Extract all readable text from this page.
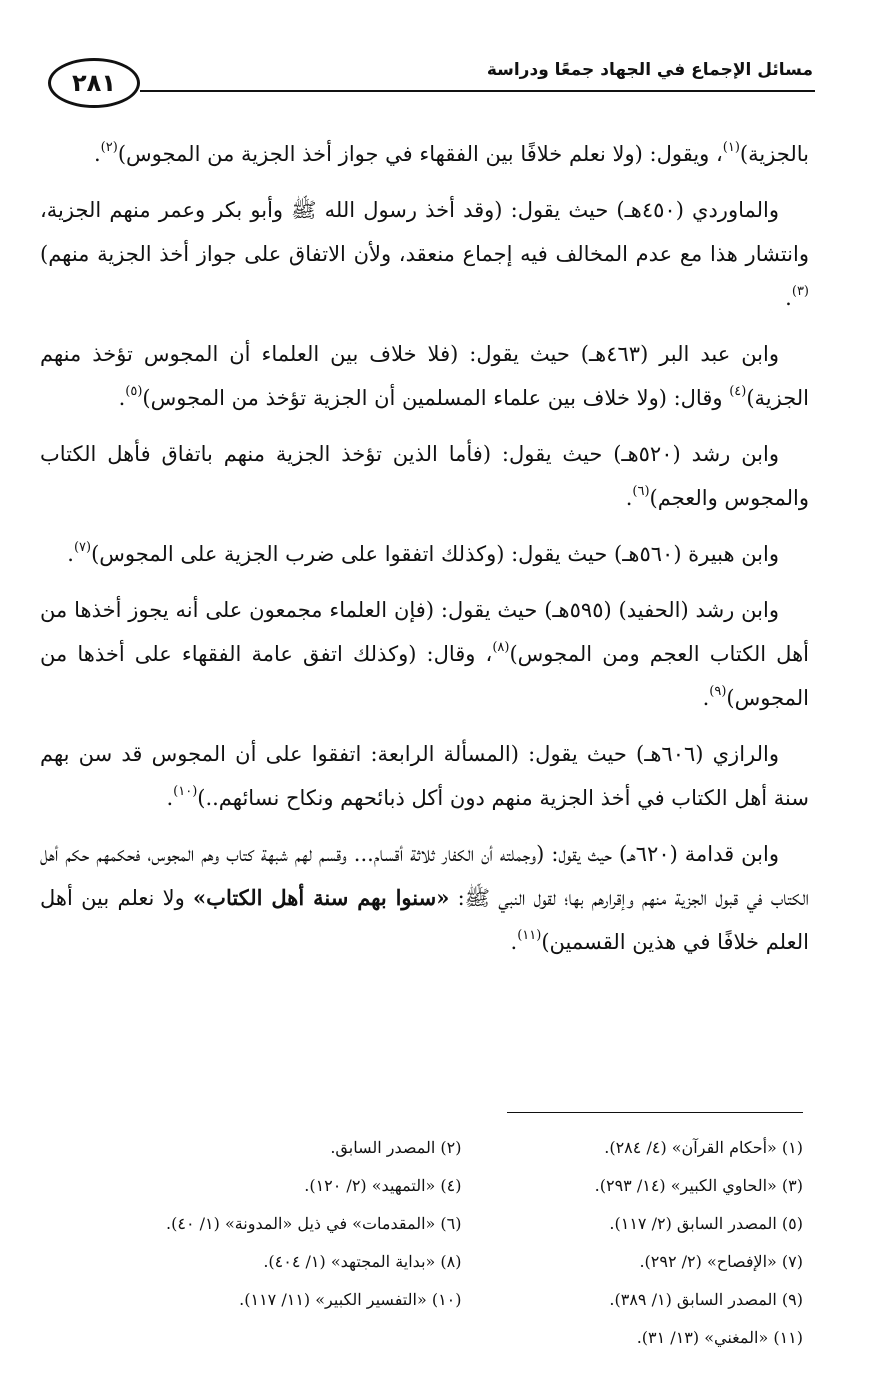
مسائل الإجماع في الجهاد جمعًا ودراسة
٢٨١

بالجزية)$^{(١)}$، ويقول: (ولا نعلم خلافًا بين الفقهاء في جواز أخذ الجزية من المجوس)$^{(٢)}$.

والماوردي (٤٥٠هـ) حيث يقول: (وقد أخذ رسول الله ﷺ وأبو بكر وعمر منهم الجزية، وانتشار هذا مع عدم المخالف فيه إجماع منعقد، ولأن الاتفاق على جواز أخذ الجزية منهم)$^{(٣)}$.

وابن عبد البر (٤٦٣هـ) حيث يقول: (فلا خلاف بين العلماء أن المجوس تؤخذ منهم الجزية)$^{(٤)}$ وقال: (ولا خلاف بين علماء المسلمين أن الجزية تؤخذ من المجوس)$^{(٥)}$.

وابن رشد (٥٢٠هـ) حيث يقول: (فأما الذين تؤخذ الجزية منهم باتفاق فأهل الكتاب والمجوس والعجم)$^{(٦)}$.

وابن هبيرة (٥٦٠هـ) حيث يقول: (وكذلك اتفقوا على ضرب الجزية على المجوس)$^{(٧)}$.

وابن رشد (الحفيد) (٥٩٥هـ) حيث يقول: (فإن العلماء مجمعون على أنه يجوز أخذها من أهل الكتاب العجم ومن المجوس)$^{(٨)}$، وقال: (وكذلك اتفق عامة الفقهاء على أخذها من المجوس)$^{(٩)}$.

والرازي (٦٠٦هـ) حيث يقول: (المسألة الرابعة: اتفقوا على أن المجوس قد سن بهم سنة أهل الكتاب في أخذ الجزية منهم دون أكل ذبائحهم ونكاح نسائهم..)$^{(١٠)}$.

وابن قدامة (٦٢٠هـ) حيث يقول: (وجملته أن الكفار ثلاثة أقسام... وقسم لهم شبهة كتاب وهم المجوس، فحكمهم حكم أهل الكتاب في قبول الجزية منهم وإقرارهم بها؛ لقول النبي ﷺ: «سنوا بهم سنة أهل الكتاب» ولا نعلم بين أهل العلم خلافًا في هذين القسمين)$^{(١١)}$.

(١) «أحكام القرآن» (٤/ ٢٨٤).
(٢) المصدر السابق.
(٣) «الحاوي الكبير» (١٤/ ٢٩٣).
(٤) «التمهيد» (٢/ ١٢٠).
(٥) المصدر السابق (٢/ ١١٧).
(٦) «المقدمات» في ذيل «المدونة» (١/ ٤٠).
(٧) «الإفصاح» (٢/ ٢٩٢).
(٨) «بداية المجتهد» (١/ ٤٠٤).
(٩) المصدر السابق (١/ ٣٨٩).
(١٠) «التفسير الكبير» (١١/ ١١٧).
(١١) «المغني» (١٣/ ٣١).
